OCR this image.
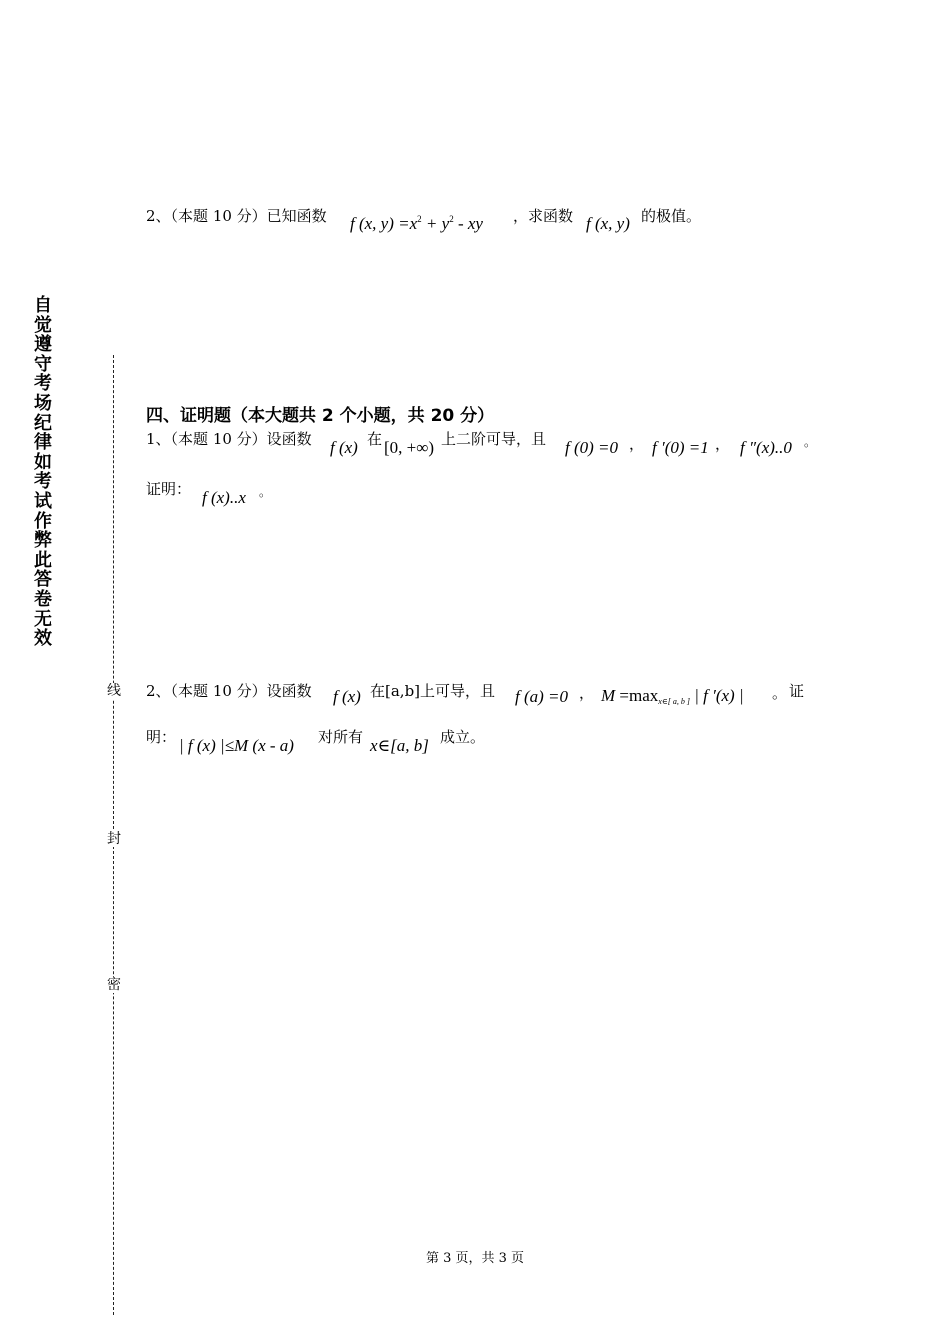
自觉遵守考场纪律如考试作弊此答卷无效
线
封
密
2、（本题 10 分）已知函数 f (x, $y) =x^2 + y^2$ - xy ，求函数 f (x, y) 的极值。
四、证明题（本大题共 2 个小题，共 20 分）
1、（本题 10 分）设函数 f (x) 在 [0, +∞) 上二阶可导，且 f (0) =0 ， f ′(0) =1 ， f ″(x)..0 。
证明： f (x)..x 。
2、（本题 10 分）设函数 f (x) 在[a,b]上可导，且 f (a) =0 ， $M =\max_{x\in[ a, b ]}$ | f ′(x) | 。 证
明： | f (x) |≤M (x - a) 对所有 x∈[a, b] 成立。
第 3 页，共 3 页
